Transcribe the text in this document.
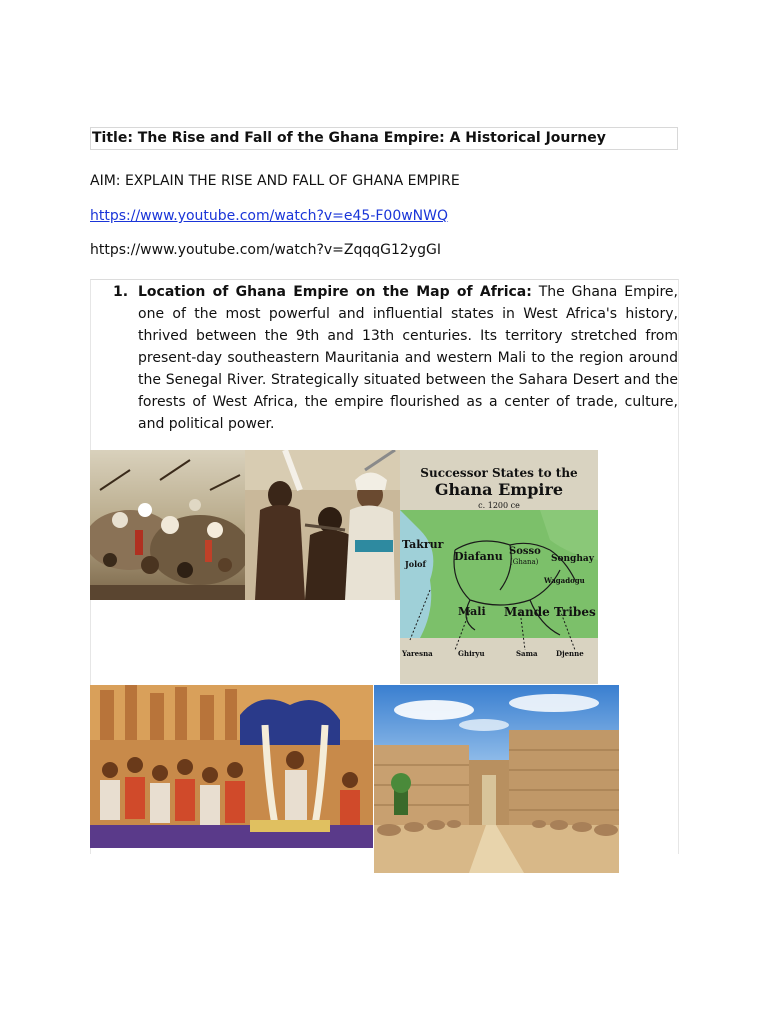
Title: The Rise and Fall of the Ghana Empire: A Historical Journey
AIM: EXPLAIN THE RISE AND FALL OF GHANA EMPIRE
https://www.youtube.com/watch?v=e45-F00wNWQ
https://www.youtube.com/watch?v=ZqqqG12ygGI
1. Location of Ghana Empire on the Map of Africa: The Ghana Empire, one of the most powerful and influential states in West Africa's history, thrived between the 9th and 13th centuries. Its territory stretched from present-day southeastern Mauritania and western Mali to the region around the Senegal River. Strategically situated between the Sahara Desert and the forests of West Africa, the empire flourished as a center of trade, culture, and political power.
Successor States to the
Ghana Empire
c. 1200 ce
Takrur
Jolof
Diafanu Sosso
(Ghana) Songhay
Wagadogu
Mali Mande Tribes
Yaresna	Ghiryu	Sama	Djenne
